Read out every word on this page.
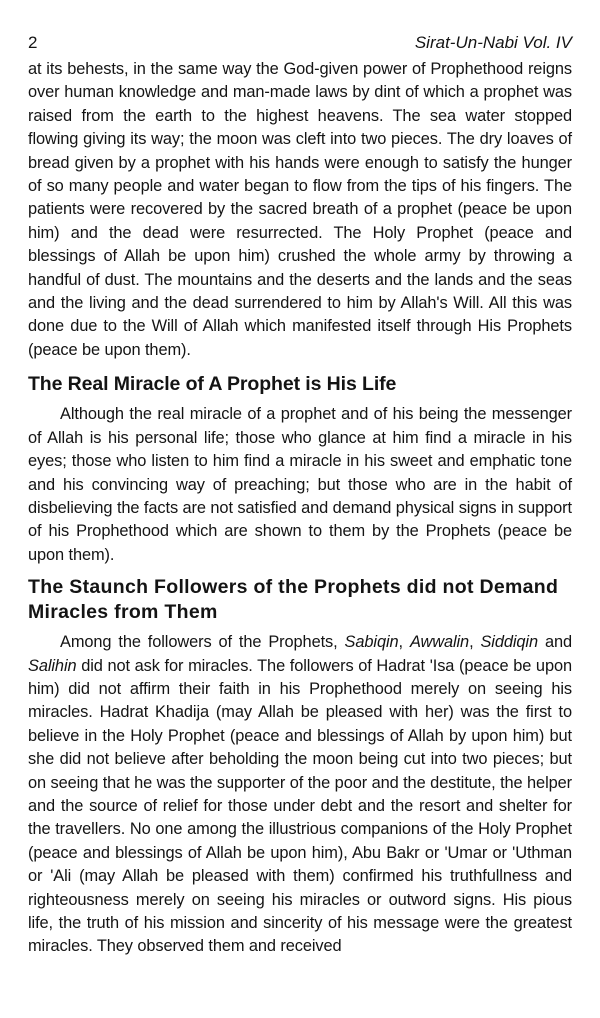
2	Sirat-Un-Nabi Vol. IV

at its behests, in the same way the God-given power of Prophethood reigns over human knowledge and man-made laws by dint of which a prophet was raised from the earth to the highest heavens. The sea water stopped flowing giving its way; the moon was cleft into two pieces. The dry loaves of bread given by a prophet with his hands were enough to satisfy the hunger of so many people and water began to flow from the tips of his fingers. The patients were recovered by the sacred breath of a prophet (peace be upon him) and the dead were resurrected. The Holy Prophet (peace and blessings of Allah be upon him) crushed the whole army by throwing a handful of dust. The mountains and the deserts and the lands and the seas and the living and the dead surrendered to him by Allah's Will. All this was done due to the Will of Allah which manifested itself through His Prophets (peace be upon them).

The Real Miracle of A Prophet is His Life

Although the real miracle of a prophet and of his being the messenger of Allah is his personal life; those who glance at him find a miracle in his eyes; those who listen to him find a miracle in his sweet and emphatic tone and his convincing way of preaching; but those who are in the habit of disbelieving the facts are not satisfied and demand physical signs in support of his Prophethood which are shown to them by the Prophets (peace be upon them).

The Staunch Followers of the Prophets did not Demand Miracles from Them

Among the followers of the Prophets, Sabiqin, Awwalin, Siddiqin and Salihin did not ask for miracles. The followers of Hadrat 'Isa (peace be upon him) did not affirm their faith in his Prophethood merely on seeing his miracles. Hadrat Khadija (may Allah be pleased with her) was the first to believe in the Holy Prophet (peace and blessings of Allah by upon him) but she did not believe after beholding the moon being cut into two pieces; but on seeing that he was the supporter of the poor and the destitute, the helper and the source of relief for those under debt and the resort and shelter for the travellers. No one among the illustrious companions of the Holy Prophet (peace and blessings of Allah be upon him), Abu Bakr or 'Umar or 'Uthman or 'Ali (may Allah be pleased with them) confirmed his truthfullness and righteousness merely on seeing his miracles or outword signs. His pious life, the truth of his mission and sincerity of his message were the greatest miracles. They observed them and received
